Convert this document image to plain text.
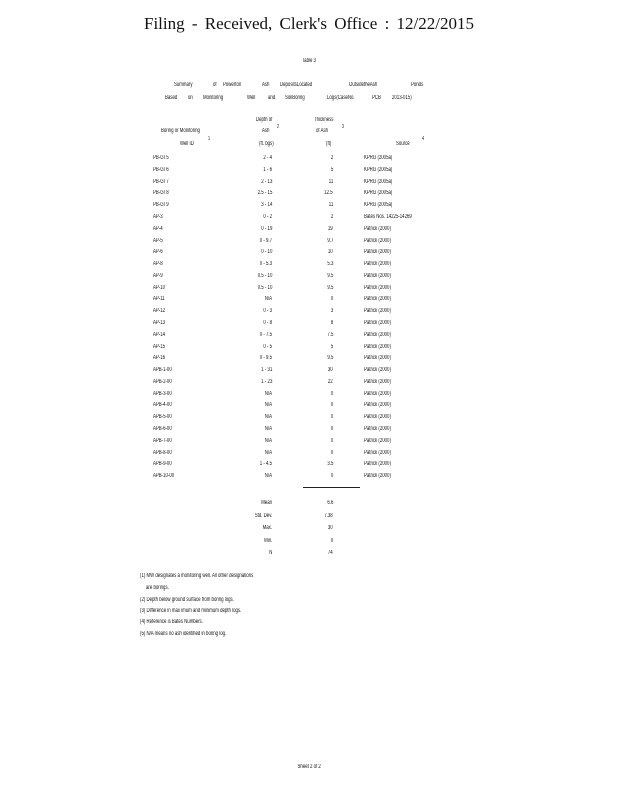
Filing - Received, Clerk's Office : 12/22/2015
Table 3
Summary	of Powerton	Ash DepositsLocated	OutsidetheAsh	Ponds
Based on Monitoring	Well and SoilBoring	Logs(CaseNo.	PCB 2013-015)
Boring or Monitoring
Well ID
1
Depth of
Ash
(ft. bgs)
2
Thickness
of Ash
(ft)
3
Source
4
PB-GT5	2 - 4	2	KPRG (2005a)
PB-GT6	1 - 6	5	KPRG (2005a)
PB-GT7	2 - 13	11	KPRG (2005a)
PB-GT8	2.5 - 15	12.5	KPRG (2005a)
PB-GT9	3 - 14	11	KPRG (2005a)
AP-3	0 - 2	2	Bates Nos. 14225-14269
AP-4	0 - 19	19	Patrick (2000)
AP-5	0 - 9.7	9.7	Patrick (2000)
AP-6	0 - 10	10	Patrick (2000)
AP-8	0 - 5.3	5.3	Patrick (2000)
AP-9	0.5 - 10	9.5	Patrick (2000)
AP-10	0.5 - 10	9.5	Patrick (2000)
AP-11	N/A	0	Patrick (2000)
AP-12	0 - 3	3	Patrick (2000)
AP-13	0 - 8	8	Patrick (2000)
AP-14	0 - 7.5	7.5	Patrick (2000)
AP-15	0 - 5	5	Patrick (2000)
AP-16	0 - 9.5	9.5	Patrick (2000)
APB-1-00	1 - 31	30	Patrick (2000)
APB-2-00	1 - 23	22	Patrick (2000)
APB-3-00	N/A	0	Patrick (2000)
APB-4-00	N/A	0	Patrick (2000)
APB-5-00	N/A	0	Patrick (2000)
APB-6-00	N/A	0	Patrick (2000)
APB-7-00	N/A	0	Patrick (2000)
APB-8-00	N/A	0	Patrick (2000)
APB-9-00	1 - 4.5	3.5	Patrick (2000)
APB-10-00	N/A	0	Patrick (2000)
Mean	6.6
Std. Dev.	7.38
Max.	30
Min.	0
N	74
(1) MW designates a monitoring well. All other designations
are borings.
(2) Depth below ground surface from boring logs.
(3) Difference in max imum and minimum depth logs.
(4) Reference is Bates Numbers.
(5) N/A means no ash identified in boring log.
Sheet 2 of 2
